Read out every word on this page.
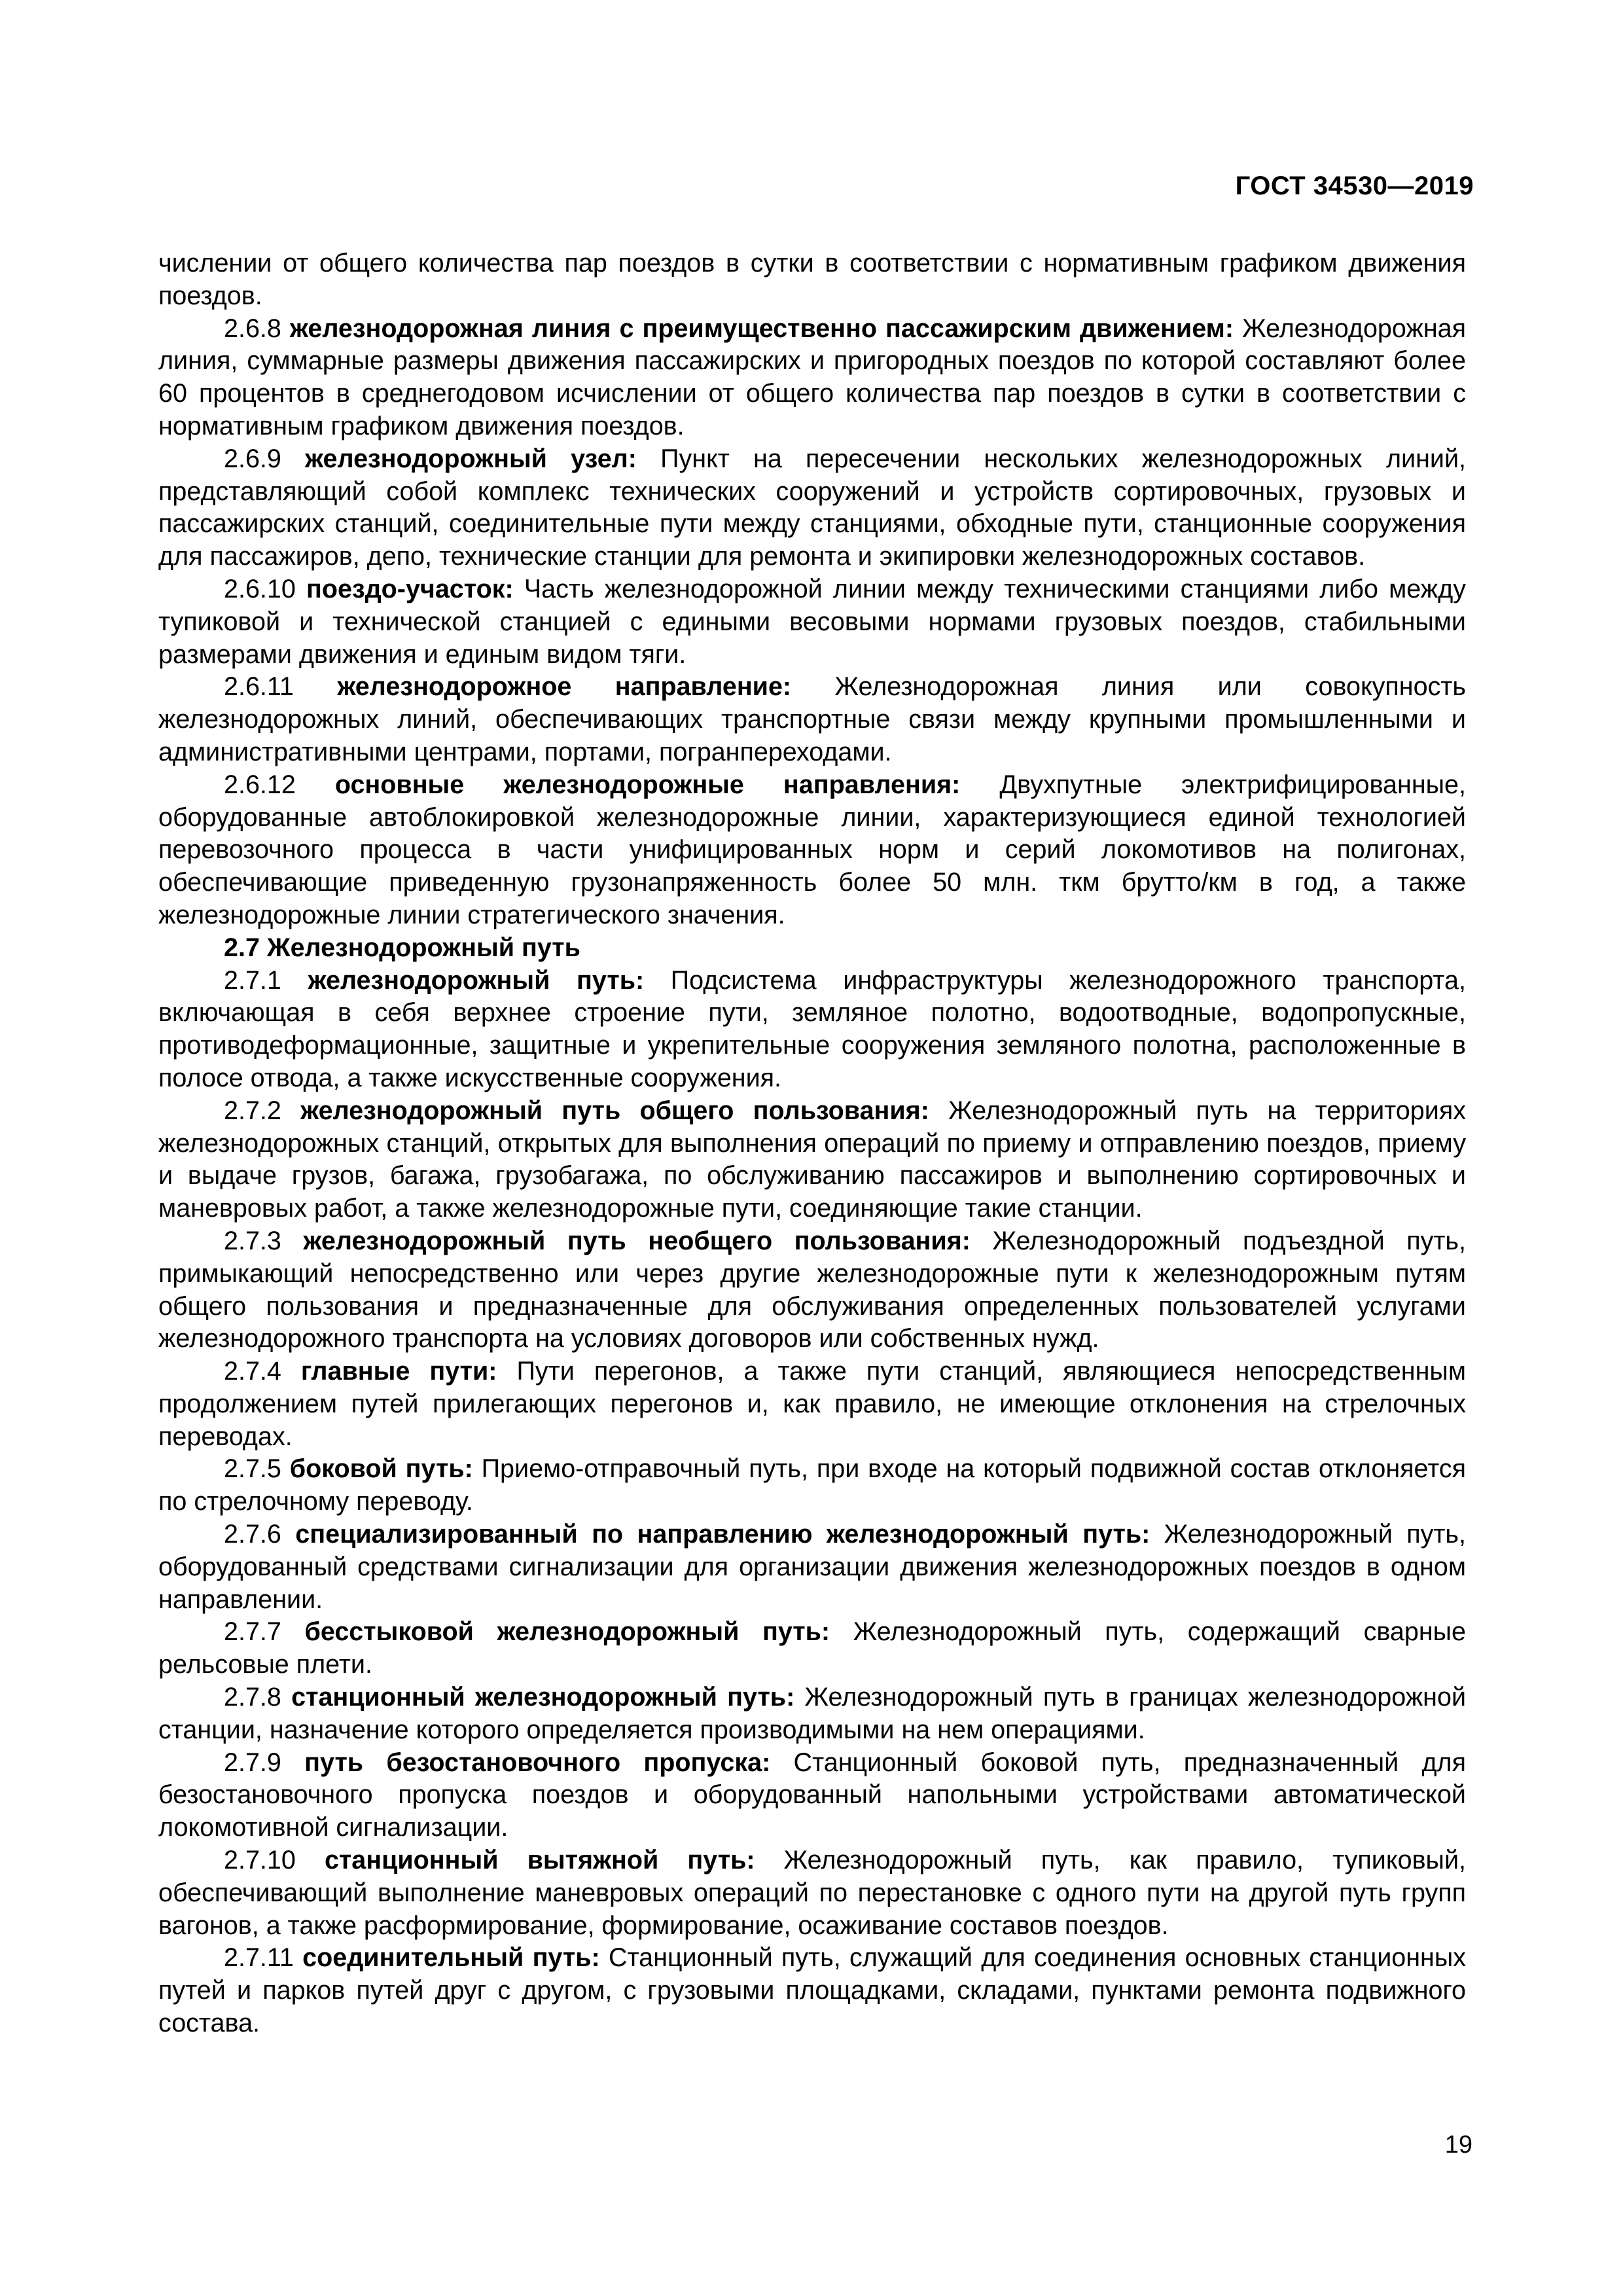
ГОСТ 34530—2019

числении от общего количества пар поездов в сутки в соответствии с нормативным графиком движения поездов.

2.6.8 железнодорожная линия с преимущественно пассажирским движением: Железнодорожная линия, суммарные размеры движения пассажирских и пригородных поездов по которой составляют более 60 процентов в среднегодовом исчислении от общего количества пар поездов в сутки в соответствии с нормативным графиком движения поездов.

2.6.9 железнодорожный узел: Пункт на пересечении нескольких железнодорожных линий, представляющий собой комплекс технических сооружений и устройств сортировочных, грузовых и пассажирских станций, соединительные пути между станциями, обходные пути, станционные сооружения для пассажиров, депо, технические станции для ремонта и экипировки железнодорожных составов.

2.6.10 поездо-участок: Часть железнодорожной линии между техническими станциями либо между тупиковой и технической станцией с едиными весовыми нормами грузовых поездов, стабильными размерами движения и единым видом тяги.

2.6.11 железнодорожное направление: Железнодорожная линия или совокупность железнодорожных линий, обеспечивающих транспортные связи между крупными промышленными и административными центрами, портами, погранпереходами.

2.6.12 основные железнодорожные направления: Двухпутные электрифицированные, оборудованные автоблокировкой железнодорожные линии, характеризующиеся единой технологией перевозочного процесса в части унифицированных норм и серий локомотивов на полигонах, обеспечивающие приведенную грузонапряженность более 50 млн. ткм брутто/км в год, а также железнодорожные линии стратегического значения.

2.7 Железнодорожный путь

2.7.1 железнодорожный путь: Подсистема инфраструктуры железнодорожного транспорта, включающая в себя верхнее строение пути, земляное полотно, водоотводные, водопропускные, противодеформационные, защитные и укрепительные сооружения земляного полотна, расположенные в полосе отвода, а также искусственные сооружения.

2.7.2 железнодорожный путь общего пользования: Железнодорожный путь на территориях железнодорожных станций, открытых для выполнения операций по приему и отправлению поездов, приему и выдаче грузов, багажа, грузобагажа, по обслуживанию пассажиров и выполнению сортировочных и маневровых работ, а также железнодорожные пути, соединяющие такие станции.

2.7.3 железнодорожный путь необщего пользования: Железнодорожный подъездной путь, примыкающий непосредственно или через другие железнодорожные пути к железнодорожным путям общего пользования и предназначенные для обслуживания определенных пользователей услугами железнодорожного транспорта на условиях договоров или собственных нужд.

2.7.4 главные пути: Пути перегонов, а также пути станций, являющиеся непосредственным продолжением путей прилегающих перегонов и, как правило, не имеющие отклонения на стрелочных переводах.

2.7.5 боковой путь: Приемо-отправочный путь, при входе на который подвижной состав отклоняется по стрелочному переводу.

2.7.6 специализированный по направлению железнодорожный путь: Железнодорожный путь, оборудованный средствами сигнализации для организации движения железнодорожных поездов в одном направлении.

2.7.7 бесстыковой железнодорожный путь: Железнодорожный путь, содержащий сварные рельсовые плети.

2.7.8 станционный железнодорожный путь: Железнодорожный путь в границах железнодорожной станции, назначение которого определяется производимыми на нем операциями.

2.7.9 путь безостановочного пропуска: Станционный боковой путь, предназначенный для безостановочного пропуска поездов и оборудованный напольными устройствами автоматической локомотивной сигнализации.

2.7.10 станционный вытяжной путь: Железнодорожный путь, как правило, тупиковый, обеспечивающий выполнение маневровых операций по перестановке с одного пути на другой путь групп вагонов, а также расформирование, формирование, осаживание составов поездов.

2.7.11 соединительный путь: Станционный путь, служащий для соединения основных станционных путей и парков путей друг с другом, с грузовыми площадками, складами, пунктами ремонта подвижного состава.

19
